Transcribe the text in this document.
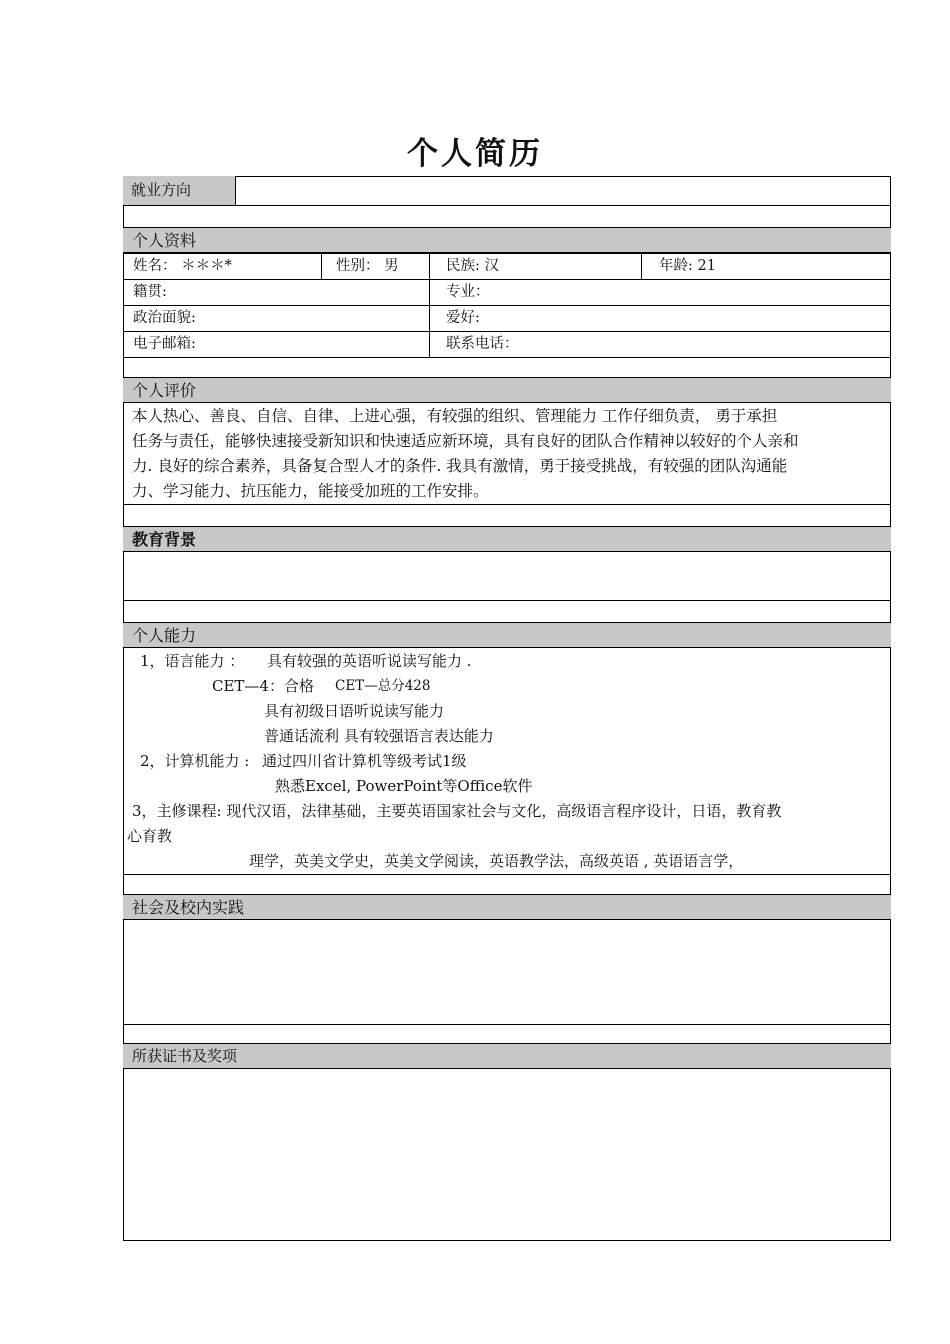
个人简历
就业方向
个人资料
姓名： ＊＊＊*	性别： 男	民族: 汉	年龄: 21
籍贯:	专业：
政治面貌:	爱好:
电子邮箱:	联系电话：
个人评价
本人热心、善良、自信、自律、上进心强，有较强的组织、管理能力 工作仔细负责， 勇于承担
任务与责任，能够快速接受新知识和快速适应新环境，具有良好的团队合作精神以较好的个人亲和
力. 良好的综合素养，具备复合型人才的条件. 我具有激情，勇于接受挑战，有较强的团队沟通能
力、学习能力、抗压能力，能接受加班的工作安排。
教育背景
个人能力
1，语言能力 ： 具有较强的英语听说读写能力 .
CET—4：合格 CET—总分428
具有初级日语听说读写能力
普通话流利 具有较强语言表达能力
2，计算机能力 : 通过四川省计算机等级考试1级
熟悉Excel, PowerPoint等Office软件
3，主修课程: 现代汉语，法律基础，主要英语国家社会与文化，高级语言程序设计，日语，教育教
心育教
理学，英美文学史，英美文学阅读，英语教学法，高级英语 , 英语语言学，
社会及校内实践
所获证书及奖项
